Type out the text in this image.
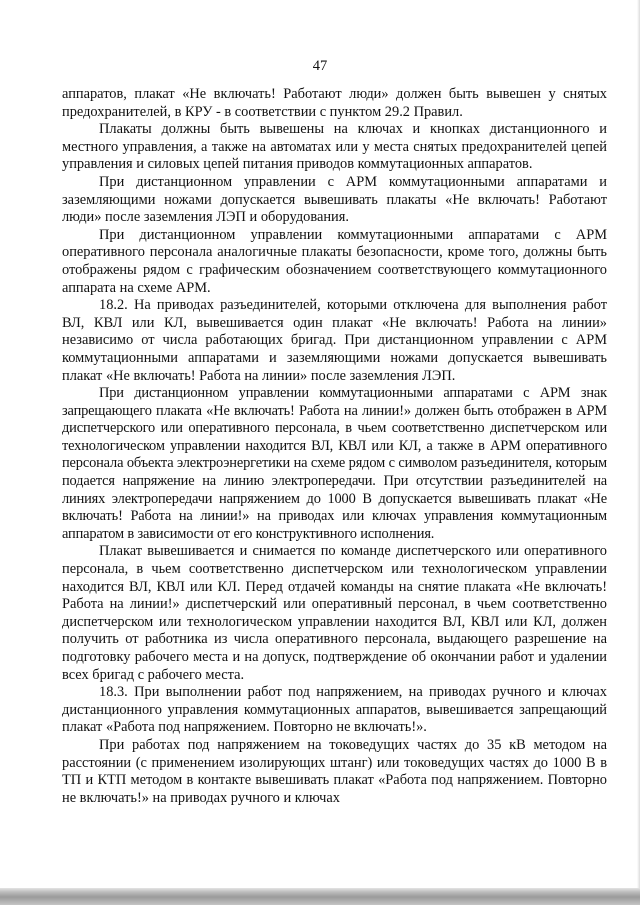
47

аппаратов, плакат «Не включать! Работают люди» должен быть вывешен у снятых предохранителей, в КРУ - в соответствии с пунктом 29.2 Правил.

Плакаты должны быть вывешены на ключах и кнопках дистанционного и местного управления, а также на автоматах или у места снятых предохранителей цепей управления и силовых цепей питания приводов коммутационных аппаратов.

При дистанционном управлении с АРМ коммутационными аппаратами и заземляющими ножами допускается вывешивать плакаты «Не включать! Работают люди» после заземления ЛЭП и оборудования.

При дистанционном управлении коммутационными аппаратами с АРМ оперативного персонала аналогичные плакаты безопасности, кроме того, должны быть отображены рядом с графическим обозначением соответствующего коммутационного аппарата на схеме АРМ.

18.2. На приводах разъединителей, которыми отключена для выполнения работ ВЛ, КВЛ или КЛ, вывешивается один плакат «Не включать! Работа на линии» независимо от числа работающих бригад. При дистанционном управлении с АРМ коммутационными аппаратами и заземляющими ножами допускается вывешивать плакат «Не включать! Работа на линии» после заземления ЛЭП.

При дистанционном управлении коммутационными аппаратами с АРМ знак запрещающего плаката «Не включать! Работа на линии!» должен быть отображен в АРМ диспетчерского или оперативного персонала, в чьем соответственно диспетчерском или технологическом управлении находится ВЛ, КВЛ или КЛ, а также в АРМ оперативного персонала объекта электроэнергетики на схеме рядом с символом разъединителя, которым подается напряжение на линию электропередачи. При отсутствии разъединителей на линиях электропередачи напряжением до 1000 В допускается вывешивать плакат «Не включать! Работа на линии!» на приводах или ключах управления коммутационным аппаратом в зависимости от его конструктивного исполнения.

Плакат вывешивается и снимается по команде диспетчерского или оперативного персонала, в чьем соответственно диспетчерском или технологическом управлении находится ВЛ, КВЛ или КЛ. Перед отдачей команды на снятие плаката «Не включать! Работа на линии!» диспетчерский или оперативный персонал, в чьем соответственно диспетчерском или технологическом управлении находится ВЛ, КВЛ или КЛ, должен получить от работника из числа оперативного персонала, выдающего разрешение на подготовку рабочего места и на допуск, подтверждение об окончании работ и удалении всех бригад с рабочего места.

18.3. При выполнении работ под напряжением, на приводах ручного и ключах дистанционного управления коммутационных аппаратов, вывешивается запрещающий плакат «Работа под напряжением. Повторно не включать!».

При работах под напряжением на токоведущих частях до 35 кВ методом на расстоянии (с применением изолирующих штанг) или токоведущих частях до 1000 В в ТП и КТП методом в контакте вывешивать плакат «Работа под напряжением. Повторно не включать!» на приводах ручного и ключах
